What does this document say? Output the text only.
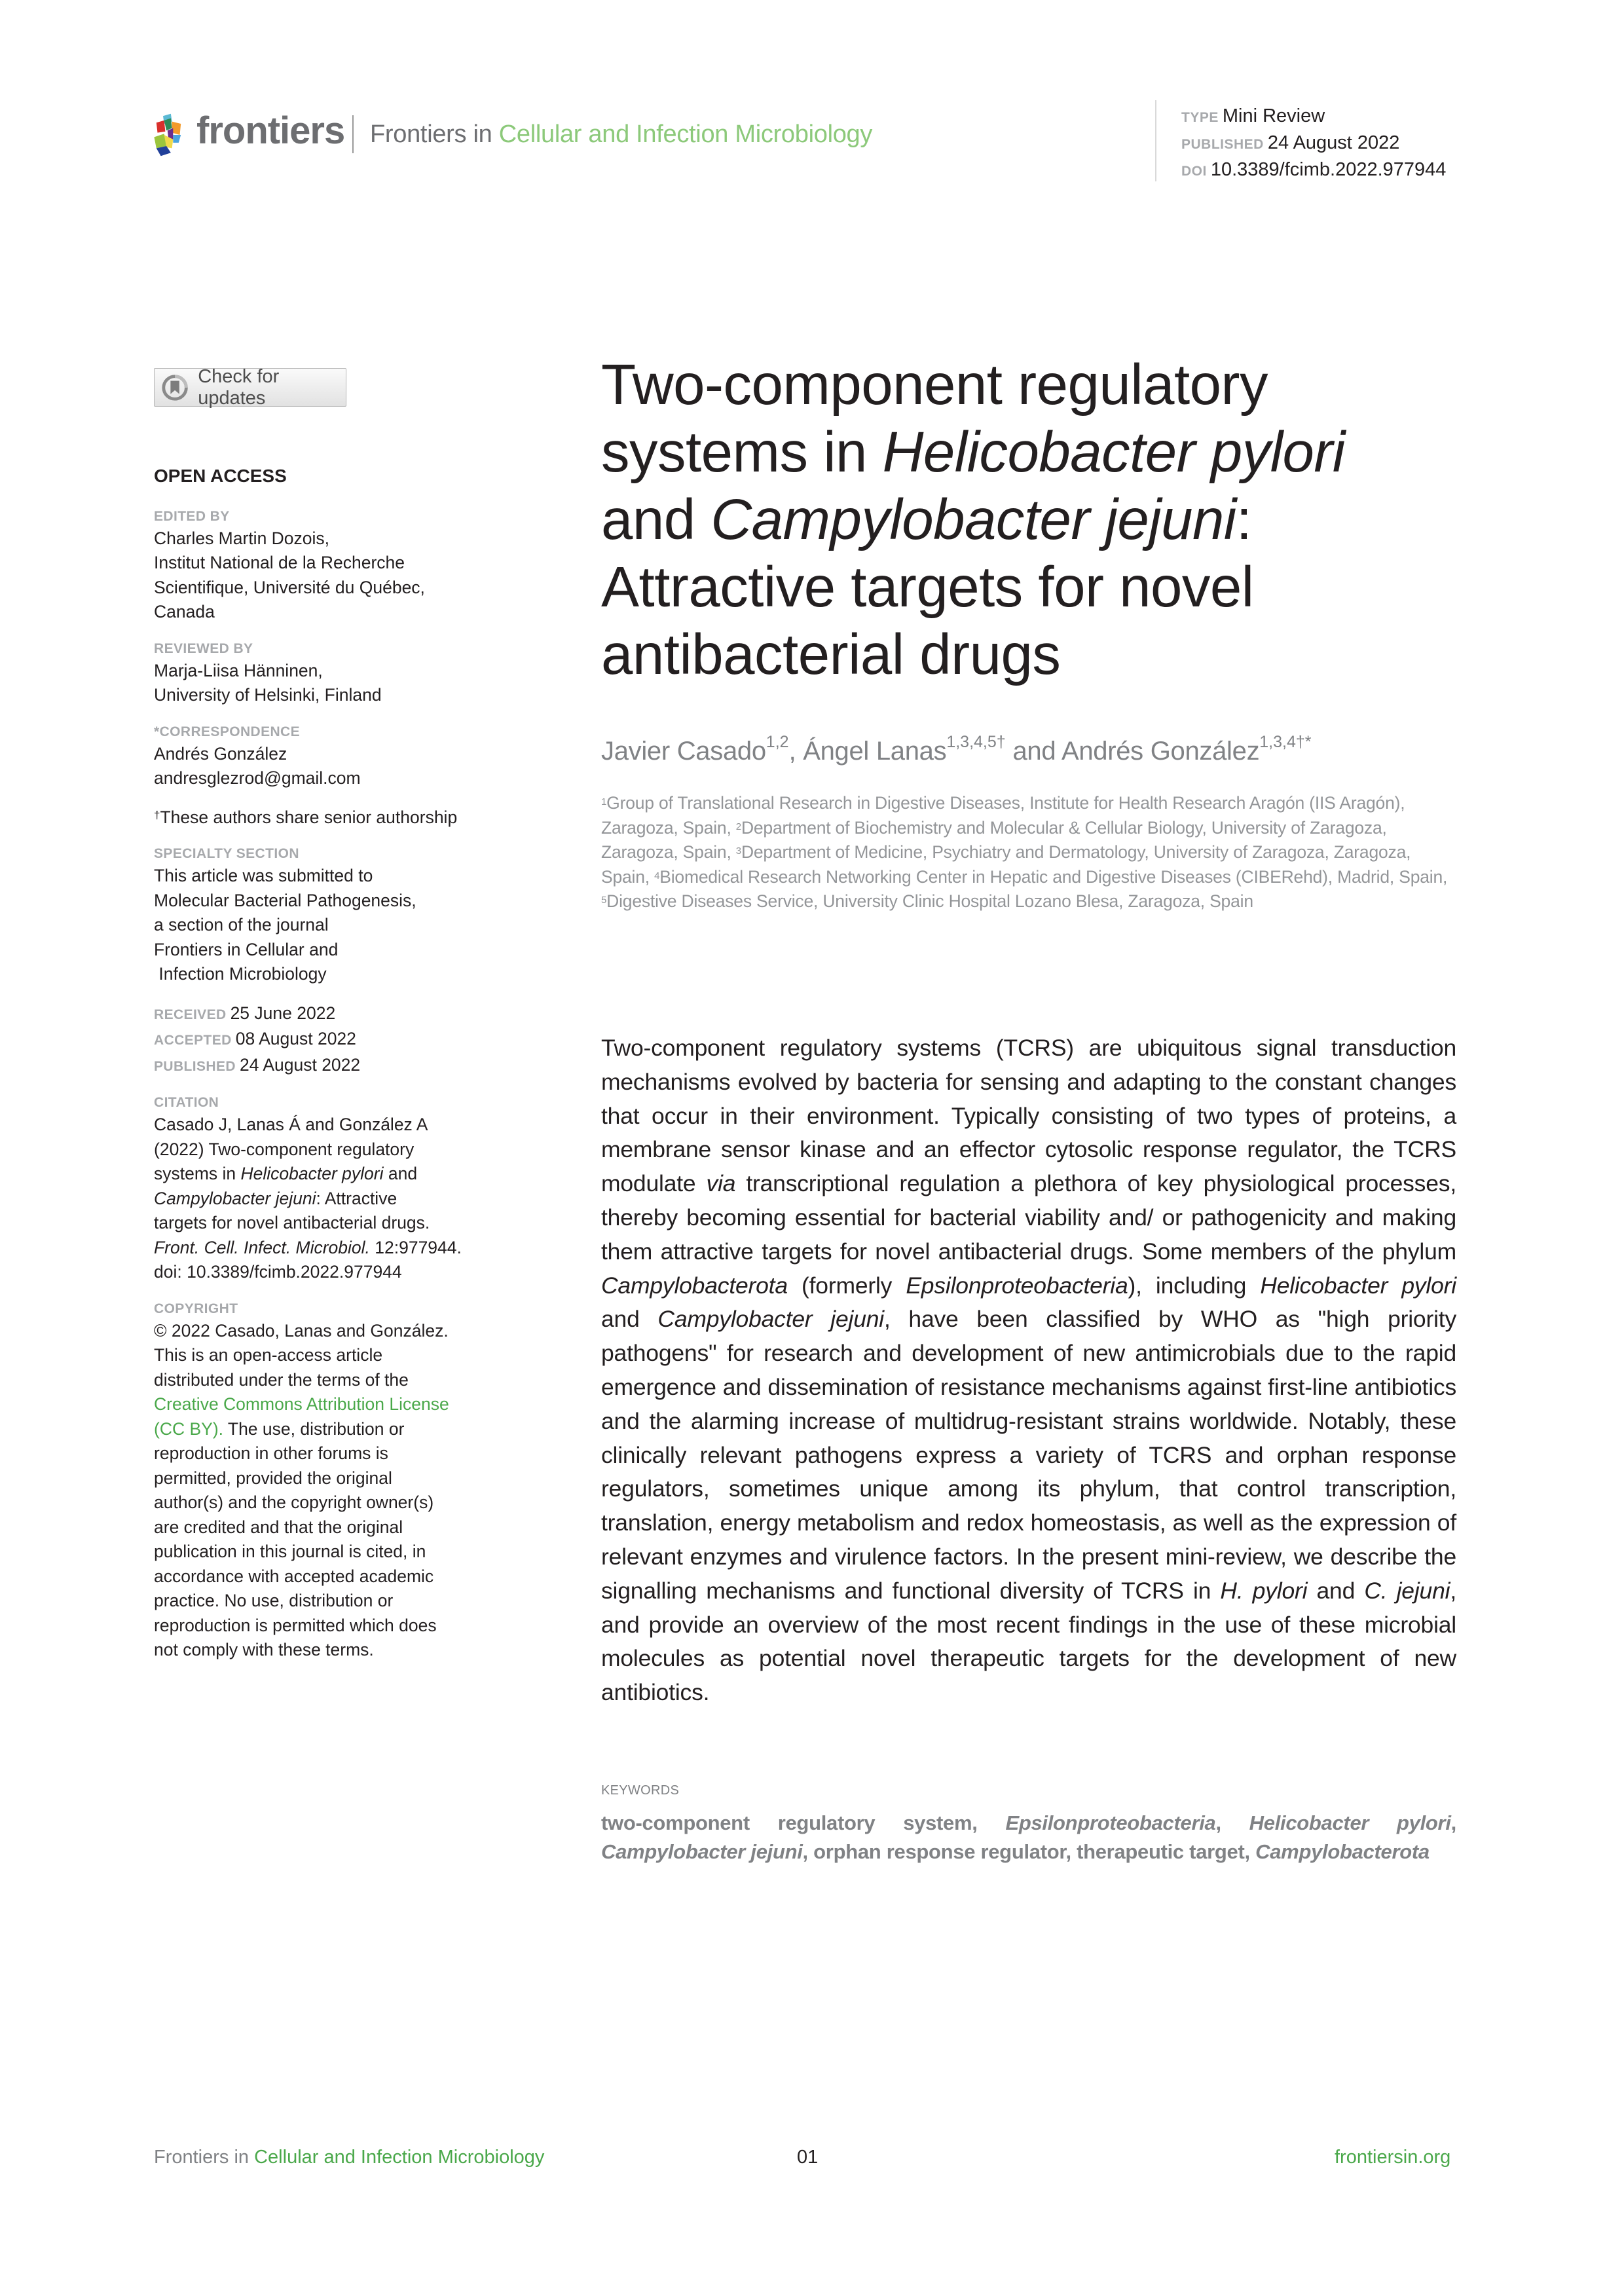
frontiers Frontiers in Cellular and Infection Microbiology
TYPE Mini Review
PUBLISHED 24 August 2022
DOI 10.3389/fcimb.2022.977944
Check for updates
OPEN ACCESS
EDITED BY
Charles Martin Dozois,
Institut National de la Recherche
Scientifique, Université du Québec,
Canada
REVIEWED BY
Marja-Liisa Hänninen,
University of Helsinki, Finland
*CORRESPONDENCE
Andrés González
andresglezrod@gmail.com
†These authors share senior authorship
SPECIALTY SECTION
This article was submitted to
Molecular Bacterial Pathogenesis,
a section of the journal
Frontiers in Cellular and
Infection Microbiology
RECEIVED 25 June 2022
ACCEPTED 08 August 2022
PUBLISHED 24 August 2022
CITATION
Casado J, Lanas Á and González A
(2022) Two-component regulatory
systems in Helicobacter pylori and
Campylobacter jejuni: Attractive
targets for novel antibacterial drugs.
Front. Cell. Infect. Microbiol. 12:977944.
doi: 10.3389/fcimb.2022.977944
COPYRIGHT
© 2022 Casado, Lanas and González.
This is an open-access article
distributed under the terms of the
Creative Commons Attribution License
(CC BY). The use, distribution or
reproduction in other forums is
permitted, provided the original
author(s) and the copyright owner(s)
are credited and that the original
publication in this journal is cited, in
accordance with accepted academic
practice. No use, distribution or
reproduction is permitted which does
not comply with these terms.
Two-component regulatory
systems in Helicobacter pylori
and Campylobacter jejuni:
Attractive targets for novel
antibacterial drugs
Javier Casado$^{1,2}$, Ángel Lanas$^{1,3,4,5\dagger}$ and Andrés González$^{1,3,4\dagger*}$
$^1$Group of Translational Research in Digestive Diseases, Institute for Health Research Aragón (IIS Aragón), Zaragoza, Spain, $^2$Department of Biochemistry and Molecular & Cellular Biology, University of Zaragoza, Zaragoza, Spain, $^3$Department of Medicine, Psychiatry and Dermatology, University of Zaragoza, Zaragoza, Spain, $^4$Biomedical Research Networking Center in Hepatic and Digestive Diseases (CIBERehd), Madrid, Spain, $^5$Digestive Diseases Service, University Clinic Hospital Lozano Blesa, Zaragoza, Spain
Two-component regulatory systems (TCRS) are ubiquitous signal transduction mechanisms evolved by bacteria for sensing and adapting to the constant changes that occur in their environment. Typically consisting of two types of proteins, a membrane sensor kinase and an effector cytosolic response regulator, the TCRS modulate via transcriptional regulation a plethora of key physiological processes, thereby becoming essential for bacterial viability and/ or pathogenicity and making them attractive targets for novel antibacterial drugs. Some members of the phylum Campylobacterota (formerly Epsilonproteobacteria), including Helicobacter pylori and Campylobacter jejuni, have been classified by WHO as "high priority pathogens" for research and development of new antimicrobials due to the rapid emergence and dissemination of resistance mechanisms against first-line antibiotics and the alarming increase of multidrug-resistant strains worldwide. Notably, these clinically relevant pathogens express a variety of TCRS and orphan response regulators, sometimes unique among its phylum, that control transcription, translation, energy metabolism and redox homeostasis, as well as the expression of relevant enzymes and virulence factors. In the present mini-review, we describe the signalling mechanisms and functional diversity of TCRS in H. pylori and C. jejuni, and provide an overview of the most recent findings in the use of these microbial molecules as potential novel therapeutic targets for the development of new antibiotics.
KEYWORDS
two-component regulatory system, Epsilonproteobacteria, Helicobacter pylori, Campylobacter jejuni, orphan response regulator, therapeutic target, Campylobacterota
Frontiers in Cellular and Infection Microbiology	01	frontiersin.org
